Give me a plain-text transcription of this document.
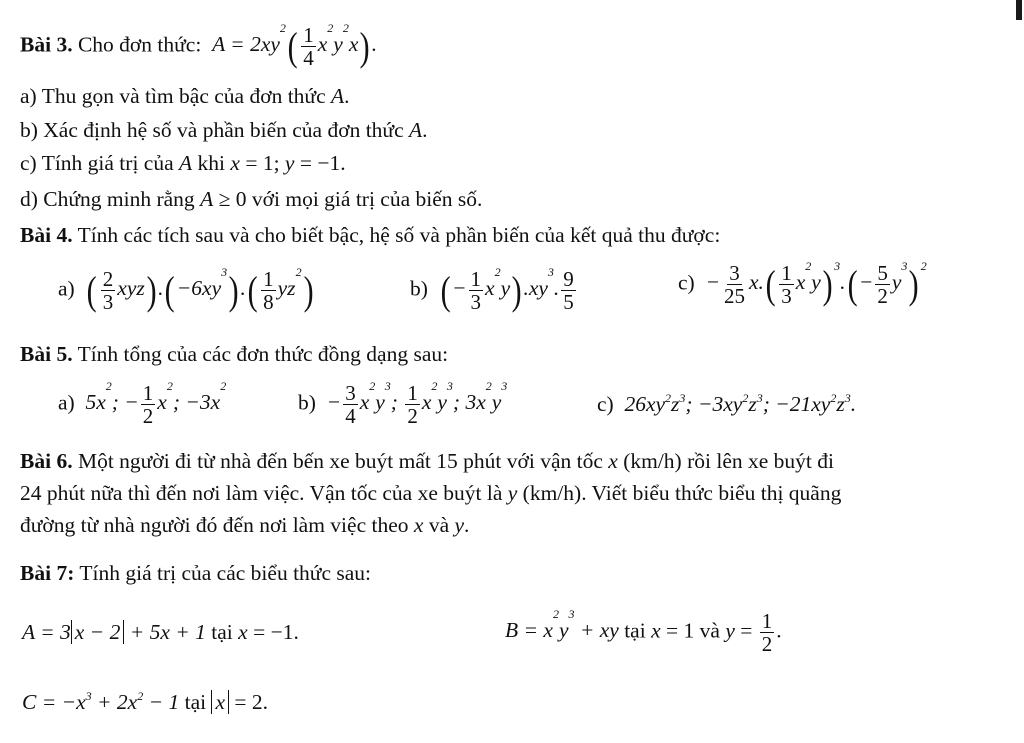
Bài 3. Cho đơn thức:  $A = 2xy^2( \frac{1}{4} x^2y^2x)$.
a) Thu gọn và tìm bậc của đơn thức A.
b) Xác định hệ số và phần biến của đơn thức A.
c) Tính giá trị của A khi x = 1; y = −1.
d) Chứng minh rằng A ≥ 0 với mọi giá trị của biến số.
Bài 4. Tính các tích sau và cho biết bậc, hệ số và phần biến của kết quả thu được:
a) ( $\frac{2}{3} xyz).(-6xy^3).( \frac{1}{8} yz^2)$	b) (− $\frac{1}{3} x^2y).xy^3$. $\frac{9}{5}$	$c) - \frac{3}{25} x.( \frac{1}{3} x^2y)$ $^3.(- \frac{5}{2} y^3)$ $^2$
Bài 5. Tính tổng của các đơn thức đồng dạng sau:
a) $5x^2$; − $\frac{1}{2} x^2$; $-3x^2$
$b) - \frac{3}{4} x^2y^3$; $\frac{1}{2} x^2y^3$; $3x^2y^3$
c) $26xy^2z^3$; $-3xy^2z^3$; $-21xy^2z^3$.
Bài 6. Một người đi từ nhà đến bến xe buýt mất 15 phút với vận tốc x (km/h) rồi lên xe buýt đi
24 phút nữa thì đến nơi làm việc. Vận tốc của xe buýt là y (km/h). Viết biểu thức biểu thị quãng
đường từ nhà người đó đến nơi làm việc theo x và y.
Bài 7: Tính giá trị của các biểu thức sau:
A = 3 x − 2 + 5x + 1 tại x = −1.	$B = x^2y^3$ + xy tại x = 1 và $y = \frac{1}{2}$ .
$C = -x^3 + 2x^2 - 1$ tại x = 2.
